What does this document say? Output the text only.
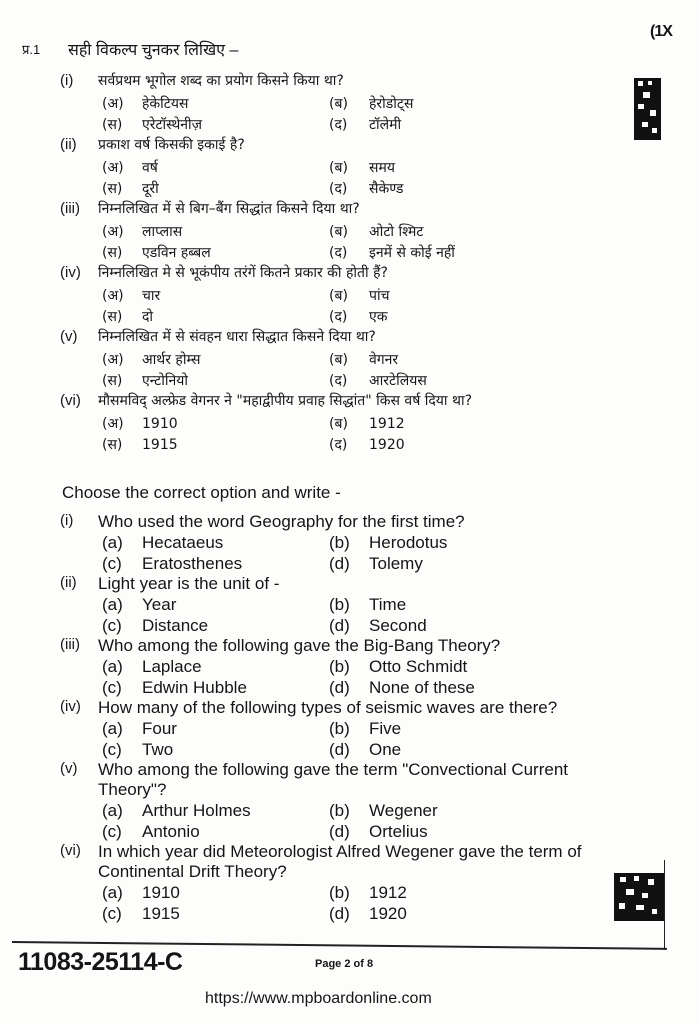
(1X
प्र.1 सही विकल्प चुनकर लिखिए –
(i)	सर्वप्रथम भूगोल शब्द का प्रयोग किसने किया था?
(अ)	हेकेटियस	(ब)	हेरोडोट्स
(स)	एरेटॉस्थेनीज़	(द)	टॉलेमी
(ii)	प्रकाश वर्ष किसकी इकाई है?
(अ)	वर्ष	(ब)	समय
(स)	दूरी	(द)	सैकेण्ड
(iii)	निम्नलिखित में से बिग–बैंग सिद्धांत किसने दिया था?
(अ)	लाप्लास	(ब)	ओटो श्मिट
(स)	एडविन हब्बल	(द)	इनमें से कोई नहीं
(iv)	निम्नलिखित मे से भूकंपीय तरंगें कितने प्रकार की होती हैं?
(अ)	चार	(ब)	पांच
(स)	दो	(द)	एक
(v)	निम्नलिखित में से संवहन धारा सिद्धात किसने दिया था?
(अ)	आर्थर होम्स	(ब)	वेगनर
(स)	एन्टोनियो	(द)	आरटेलियस
(vi)	मौसमविद् अल्फ्रेड वेगनर ने "महाद्वीपीय प्रवाह सिद्धांत" किस वर्ष दिया था?
(अ)	1910	(ब)	1912
(स)	1915	(द)	1920
Choose the correct option and write -
(i)	Who used the word Geography for the first time?
(a)	Hecataeus	(b)	Herodotus
(c)	Eratosthenes	(d)	Tolemy
(ii)	Light year is the unit of -
(a)	Year	(b)	Time
(c)	Distance	(d)	Second
(iii)	Who among the following gave the Big-Bang Theory?
(a)	Laplace	(b)	Otto Schmidt
(c)	Edwin Hubble	(d)	None of these
(iv)	How many of the following types of seismic waves are there?
(a)	Four	(b)	Five
(c)	Two	(d)	One
(v)	Who among the following gave the term "Convectional Current Theory"?
(a)	Arthur Holmes	(b)	Wegener
(c)	Antonio	(d)	Ortelius
(vi)	In which year did Meteorologist Alfred Wegener gave the term of Continental Drift Theory?
(a)	1910	(b)	1912
(c)	1915	(d)	1920
11083-25114-C	Page 2 of 8
https://www.mpboardonline.com
